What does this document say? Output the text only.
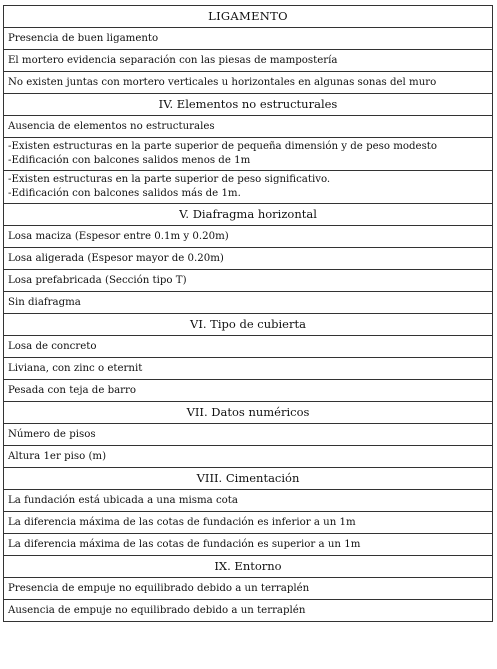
LIGAMENTO

Presencia de buen ligamento

El mortero evidencia separación con las piesas de mampostería

No existen juntas con mortero verticales u horizontales en algunas sonas del muro

IV. Elementos no estructurales

Ausencia de elementos no estructurales

-Existen estructuras en la parte superior de pequeña dimensión y de peso modesto
-Edificación con balcones salidos menos de 1m

-Existen estructuras en la parte superior de peso significativo.
-Edificación con balcones salidos más de 1m.

V. Diafragma horizontal

Losa maciza (Espesor entre 0.1m y 0.20m)

Losa aligerada (Espesor mayor de 0.20m)

Losa prefabricada (Sección tipo T)

Sin diafragma

VI. Tipo de cubierta

Losa de concreto

Liviana, con zinc o eternit

Pesada con teja de barro

VII. Datos numéricos

Número de pisos

Altura 1er piso (m)

VIII. Cimentación

La fundación está ubicada a una misma cota

La diferencia máxima de las cotas de fundación es inferior a un 1m

La diferencia máxima de las cotas de fundación es superior a un 1m

IX. Entorno

Presencia de empuje no equilibrado debido a un terraplén

Ausencia de empuje no equilibrado debido a un terraplén
